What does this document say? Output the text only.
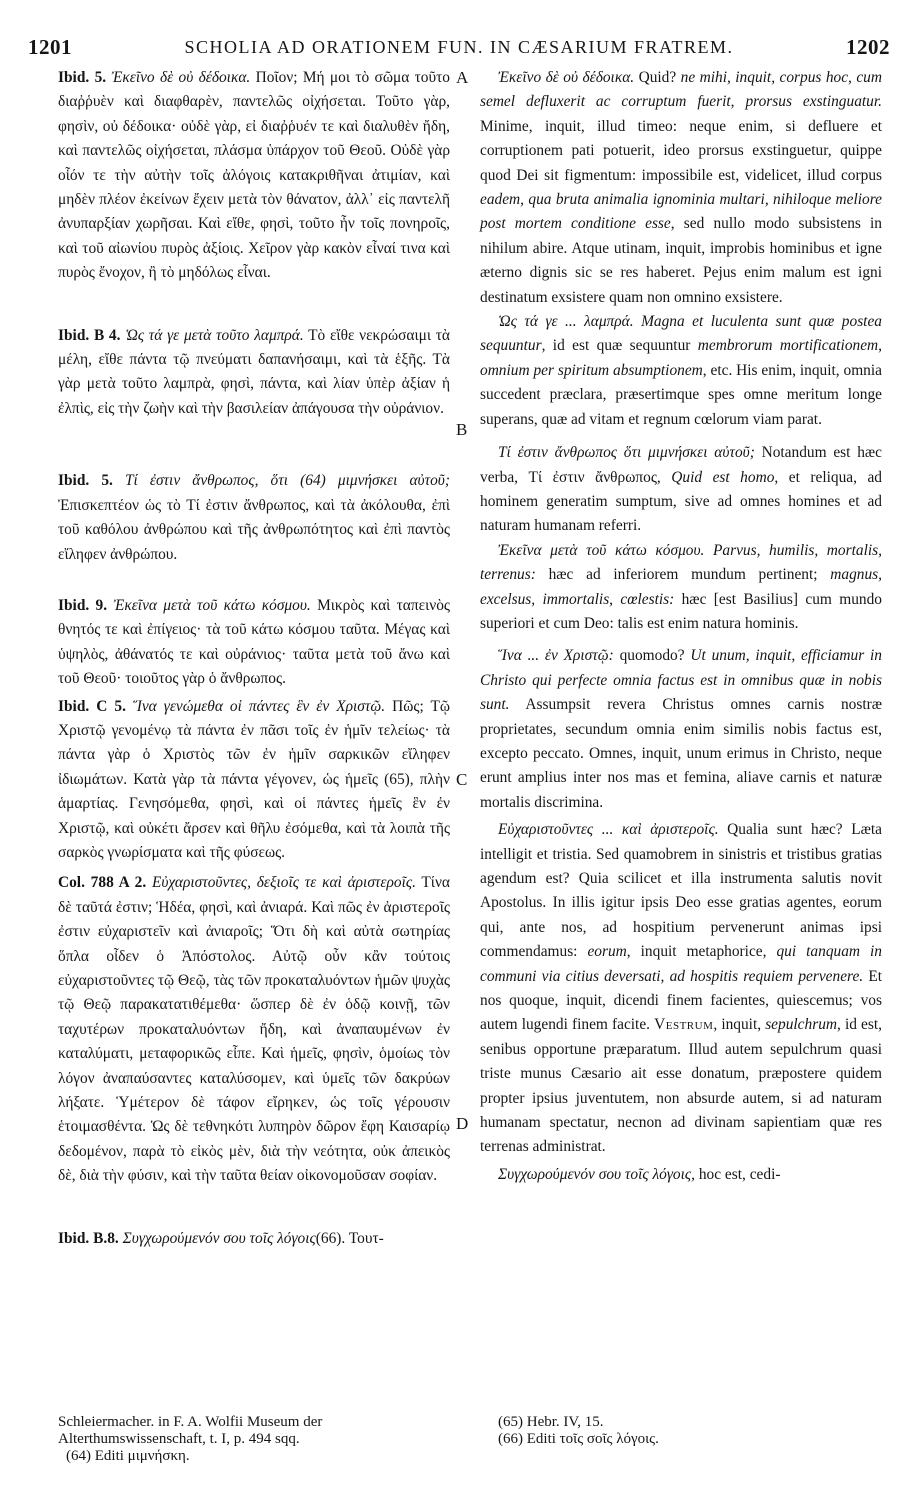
1201	SCHOLIA AD ORATIONEM FUN. IN CÆSARIUM FRATREM.	1202
A
B
C
D

Ibid. 5. Ἐκεῖνο δὲ οὐ δέδοικα. Ποῖον; Μή μοι τὸ σῶμα τοῦτο διαῤῥυὲν καὶ διαφθαρὲν, παντελῶς οἰχήσεται. Τοῦτο γὰρ, φησὶν, οὐ δέδοικα· οὐδὲ γὰρ, εἰ διαῤῥυέν τε καὶ διαλυθὲν ἤδη, καὶ παντελῶς οἰχήσεται, πλάσμα ὑπάρχον τοῦ Θεοῦ. Οὐδὲ γὰρ οἷόν τε τὴν αὐτὴν τοῖς ἀλόγοις κατακριθῆναι ἀτιμίαν, καὶ μηδὲν πλέον ἐκείνων ἔχειν μετὰ τὸν θάνατον, ἀλλ᾽ εἰς παντελῆ ἀνυπαρξίαν χωρῆσαι. Καὶ εἴθε, φησὶ, τοῦτο ἦν τοῖς πονηροῖς, καὶ τοῦ αἰωνίου πυρὸς ἀξίοις. Χεῖρον γὰρ κακὸν εἶναί τινα καὶ πυρὸς ἔνοχον, ἢ τὸ μηδόλως εἶναι.

Ibid. B 4. Ὡς τά γε μετὰ τοῦτο λαμπρά. Τὸ εἴθε νεκρώσαιμι τὰ μέλη, εἴθε πάντα τῷ πνεύματι δαπανήσαιμι, καὶ τὰ ἑξῆς. Τὰ γὰρ μετὰ τοῦτο λαμπρὰ, φησὶ, πάντα, καὶ λίαν ὑπὲρ ἀξίαν ἡ ἐλπὶς, εἰς τὴν ζωὴν καὶ τὴν βασιλείαν ἀπάγουσα τὴν οὐράνιον.

Ibid. 5. Τί ἐστιν ἄνθρωπος, ὅτι (64) μιμνήσκει αὐτοῦ; Ἐπισκεπτέον ὡς τὸ Τί ἐστιν ἄνθρωπος, καὶ τὰ ἀκόλουθα, ἐπὶ τοῦ καθόλου ἀνθρώπου καὶ τῆς ἀνθρωπότητος καὶ ἐπὶ παντὸς εἴληφεν ἀνθρώπου.

Ibid. 9. Ἐκεῖνα μετὰ τοῦ κάτω κόσμου. Μικρὸς καὶ ταπεινὸς θνητός τε καὶ ἐπίγειος· τὰ τοῦ κάτω κόσμου ταῦτα. Μέγας καὶ ὑψηλὸς, ἀθάνατός τε καὶ οὐράνιος· ταῦτα μετὰ τοῦ ἄνω καὶ τοῦ Θεοῦ· τοιοῦτος γὰρ ὁ ἄνθρωπος.

Ibid. C 5. Ἵνα γενώμεθα οἱ πάντες ἓν ἐν Χριστῷ. Πῶς; Τῷ Χριστῷ γενομένῳ τὰ πάντα ἐν πᾶσι τοῖς ἐν ἡμῖν τελείως· τὰ πάντα γὰρ ὁ Χριστὸς τῶν ἐν ἡμῖν σαρκικῶν εἴληφεν ἰδιωμάτων. Κατὰ γὰρ τὰ πάντα γέγονεν, ὡς ἡμεῖς (65), πλὴν ἁμαρτίας. Γενησόμεθα, φησὶ, καὶ οἱ πάντες ἡμεῖς ἓν ἐν Χριστῷ, καὶ οὐκέτι ἄρσεν καὶ θῆλυ ἐσόμεθα, καὶ τὰ λοιπὰ τῆς σαρκὸς γνωρίσματα καὶ τῆς φύσεως.

Col. 788 A 2. Εὐχαριστοῦντες, δεξιοῖς τε καὶ ἀριστεροῖς. Τίνα δὲ ταῦτά ἐστιν; Ἡδέα, φησὶ, καὶ ἀνιαρά. Καὶ πῶς ἐν ἀριστεροῖς ἐστιν εὐχαριστεῖν καὶ ἀνιαροῖς; Ὅτι δὴ καὶ αὐτὰ σωτηρίας ὅπλα οἶδεν ὁ Ἀπόστολος. Αὐτῷ οὖν κἂν τούτοις εὐχαριστοῦντες τῷ Θεῷ, τὰς τῶν προκαταλυόντων ἡμῶν ψυχὰς τῷ Θεῷ παρακατατιθέμεθα· ὥσπερ δὲ ἐν ὁδῷ κοινῇ, τῶν ταχυτέρων προκαταλυόντων ἤδη, καὶ ἀναπαυμένων ἐν καταλύματι, μεταφορικῶς εἶπε. Καὶ ἡμεῖς, φησὶν, ὁμοίως τὸν λόγον ἀναπαύσαντες καταλύσομεν, καὶ ὑμεῖς τῶν δακρύων λήξατε. Ὑμέτερον δὲ τάφον εἴρηκεν, ὡς τοῖς γέρουσιν ἑτοιμασθέντα. Ὡς δὲ τεθνηκότι λυπηρὸν δῶρον ἔφη Καισαρίῳ δεδομένον, παρὰ τὸ εἰκὸς μὲν, διὰ τὴν νεότητα, οὐκ ἀπεικὸς δὲ, διὰ τὴν φύσιν, καὶ τὴν ταῦτα θείαν οἰκονομοῦσαν σοφίαν.

Ibid. B.8. Συγχωρούμενόν σου τοῖς λόγοις(66). Τουτ-

Ἐκεῖνο δὲ οὐ δέδοικα. Quid? ne mihi, inquit, corpus hoc, cum semel defluxerit ac corruptum fuerit, prorsus exstinguatur. Minime, inquit, illud timeo: neque enim, si defluere et corruptionem pati potuerit, ideo prorsus exstinguetur, quippe quod Dei sit figmentum: impossibile est, videlicet, illud corpus eadem, qua bruta animalia ignominia multari, nihiloque meliore post mortem conditione esse, sed nullo modo subsistens in nihilum abire. Atque utinam, inquit, improbis hominibus et igne æterno dignis sic se res haberet. Pejus enim malum est igni destinatum exsistere quam non omnino exsistere.

Ὡς τά γε ... λαμπρά. Magna et luculenta sunt quæ postea sequuntur, id est quæ sequuntur membrorum mortificationem, omnium per spiritum absumptionem, etc. His enim, inquit, omnia succedent præclara, præsertimque spes omne meritum longe superans, quæ ad vitam et regnum cœlorum viam parat.

Τί ἐστιν ἄνθρωπος ὅτι μιμνήσκει αὐτοῦ; Notandum est hæc verba, Τί ἐστιν ἄνθρωπος, Quid est homo, et reliqua, ad hominem generatim sumptum, sive ad omnes homines et ad naturam humanam referri.

Ἐκεῖνα μετὰ τοῦ κάτω κόσμου. Parvus, humilis, mortalis, terrenus: hæc ad inferiorem mundum pertinent; magnus, excelsus, immortalis, cœlestis: hæc [est Basilius] cum mundo superiori et cum Deo: talis est enim natura hominis.

Ἵνα ... ἐν Χριστῷ: quomodo? Ut unum, inquit, efficiamur in Christo qui perfecte omnia factus est in omnibus quæ in nobis sunt. Assumpsit revera Christus omnes carnis nostræ proprietates, secundum omnia enim similis nobis factus est, excepto peccato. Omnes, inquit, unum erimus in Christo, neque erunt amplius inter nos mas et femina, aliave carnis et naturæ mortalis discrimina.

Εὐχαριστοῦντες ... καὶ ἀριστεροῖς. Qualia sunt hæc? Læta intelligit et tristia. Sed quamobrem in sinistris et tristibus gratias agendum est? Quia scilicet et illa instrumenta salutis novit Apostolus. In illis igitur ipsis Deo esse gratias agentes, eorum qui, ante nos, ad hospitium pervenerunt animas ipsi commendamus: eorum, inquit metaphorice, qui tanquam in communi via citius deversati, ad hospitis requiem pervenere. Et nos quoque, inquit, dicendi finem facientes, quiescemus; vos autem lugendi finem facite. Vestrum, inquit, sepulchrum, id est, senibus opportune præparatum. Illud autem sepulchrum quasi triste munus Cæsario ait esse donatum, præpostere quidem propter ipsius juventutem, non absurde autem, si ad naturam humanam spectatur, necnon ad divinam sapientiam quæ res terrenas administrat.

Συγχωρούμενόν σου τοῖς λόγοις, hoc est, cedi-

Schleiermacher. in F. A. Wolfii Museum der Alterthumswissenschaft, t. I, p. 494 sqq.

(64) Editi μιμνήσκη.

(65) Hebr. IV, 15.

(66) Editi τοῖς σοῖς λόγοις.
